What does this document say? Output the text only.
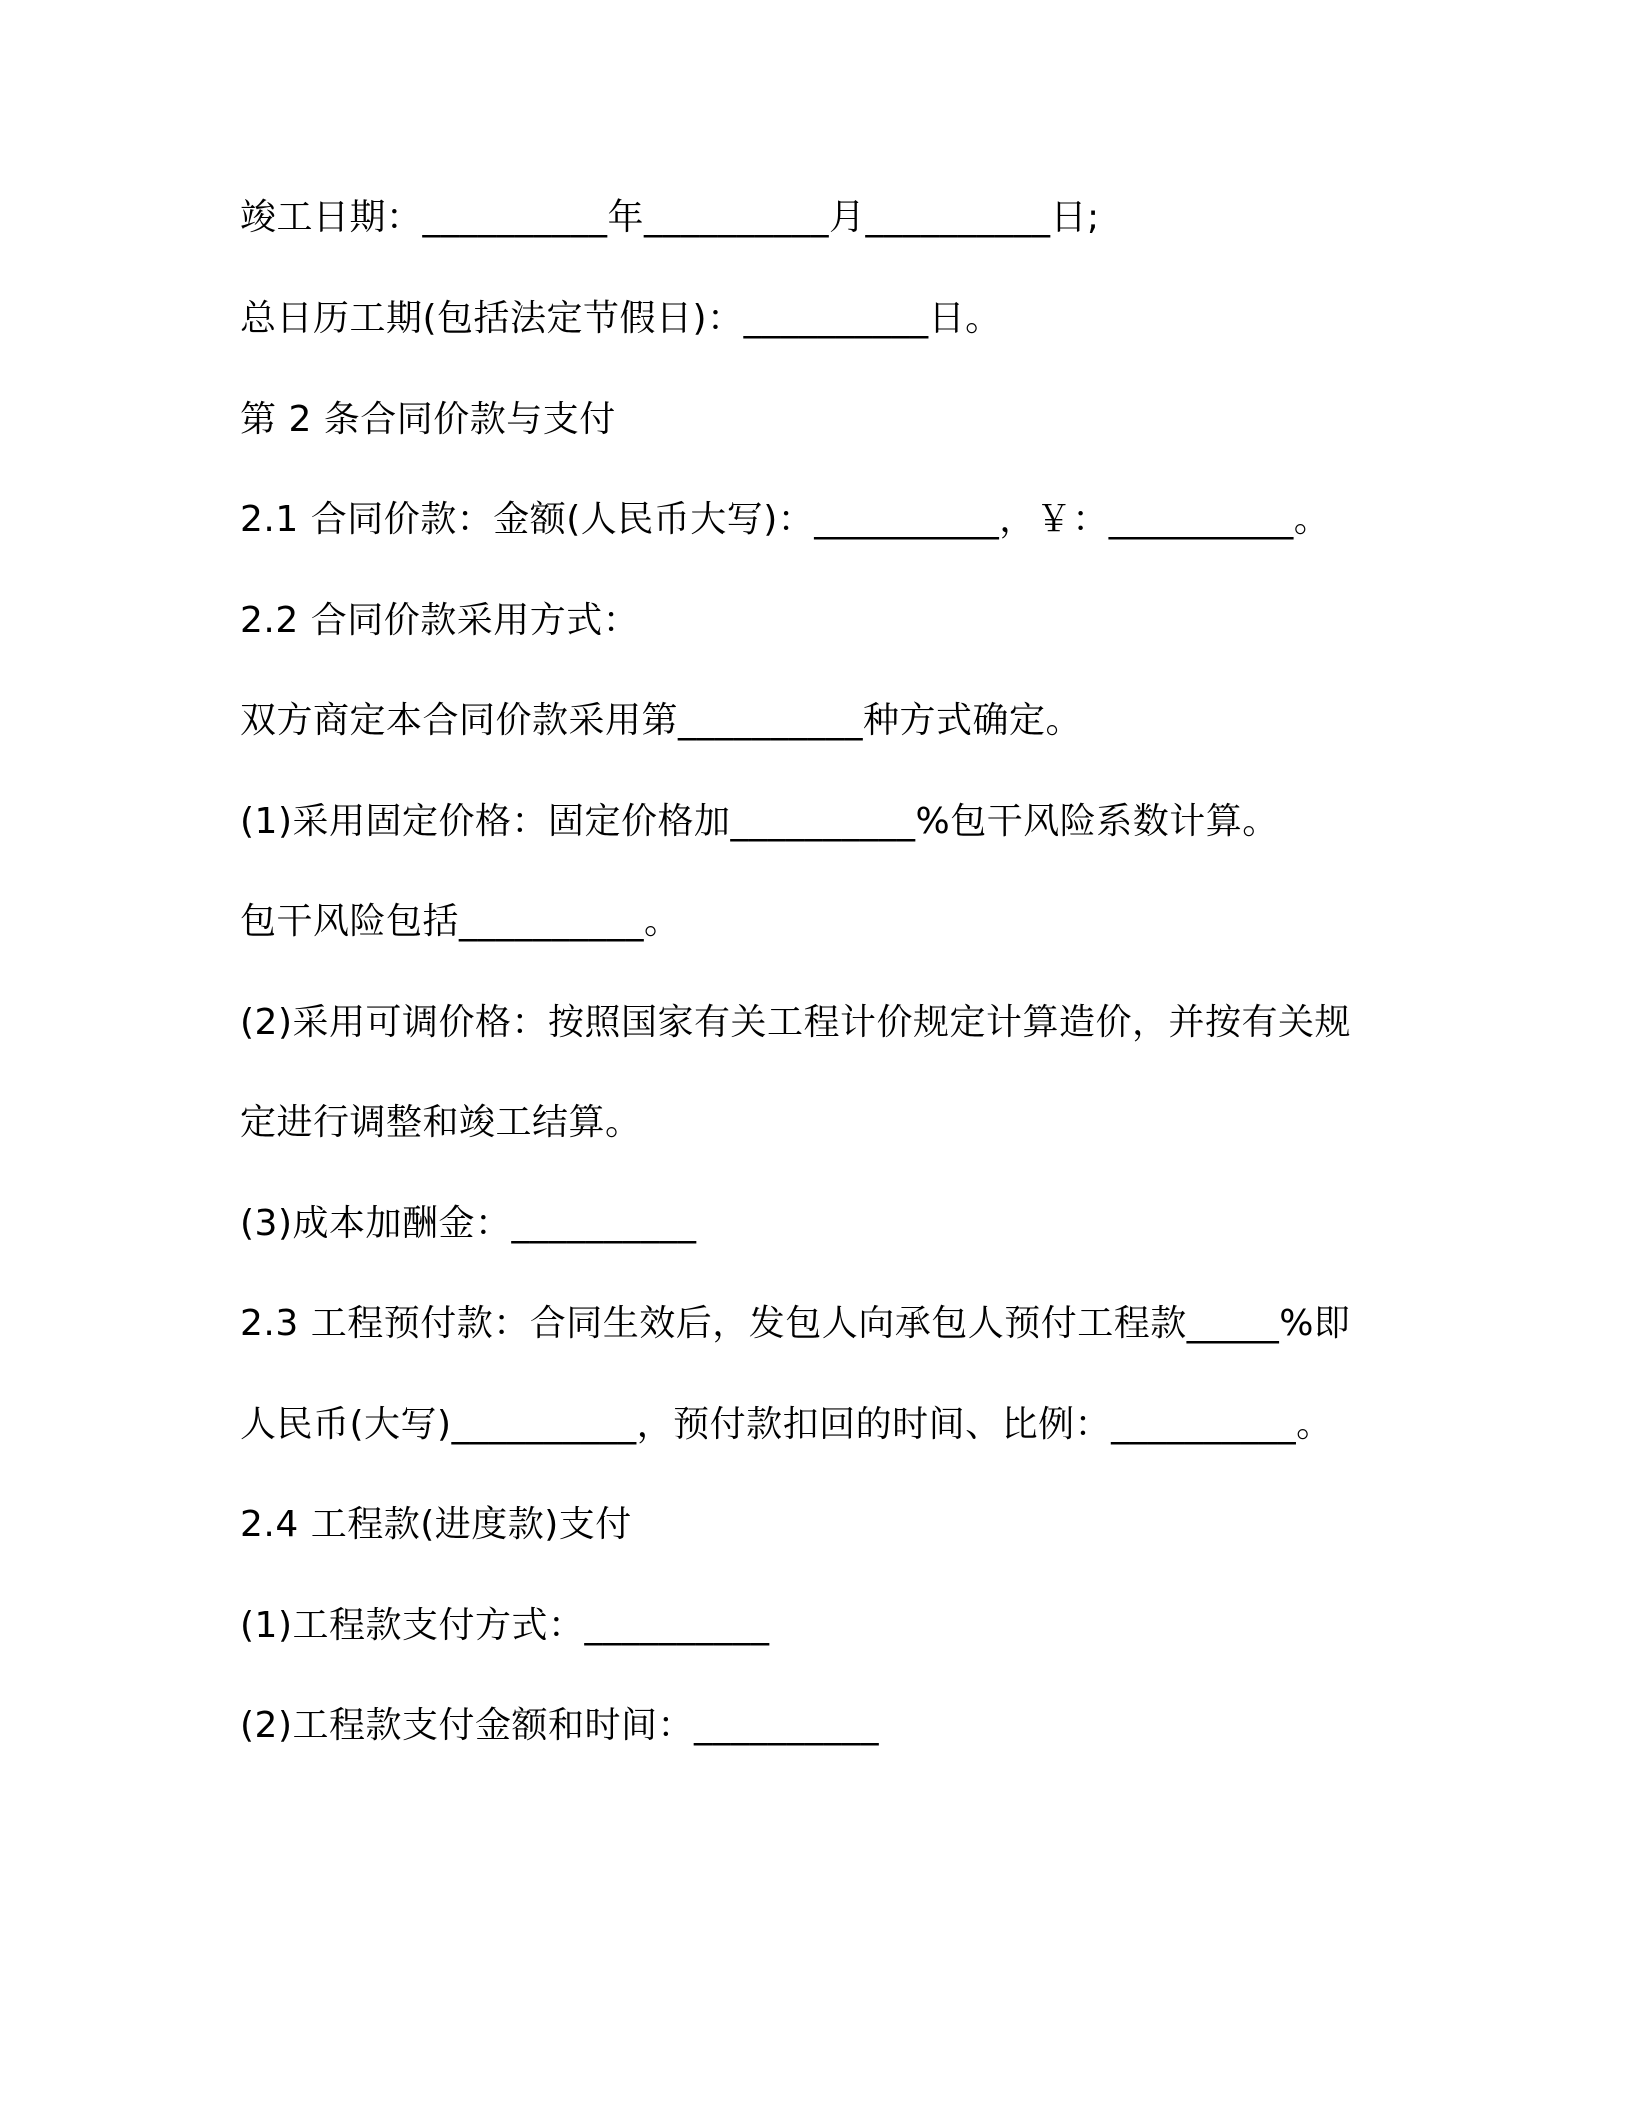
竣工日期：__________年__________月__________日;
总日历工期(包括法定节假日)：__________日。
第 2 条合同价款与支付
2.1 合同价款：金额(人民币大写)：__________，￥：__________。
2.2 合同价款采用方式：
双方商定本合同价款采用第__________种方式确定。
(1)采用固定价格：固定价格加__________%包干风险系数计算。
包干风险包括__________。
(2)采用可调价格：按照国家有关工程计价规定计算造价，并按有关规
定进行调整和竣工结算。
(3)成本加酬金：__________
2.3 工程预付款：合同生效后，发包人向承包人预付工程款_____%即
人民币(大写)__________，预付款扣回的时间、比例：__________。
2.4 工程款(进度款)支付
(1)工程款支付方式：__________
(2)工程款支付金额和时间：__________
